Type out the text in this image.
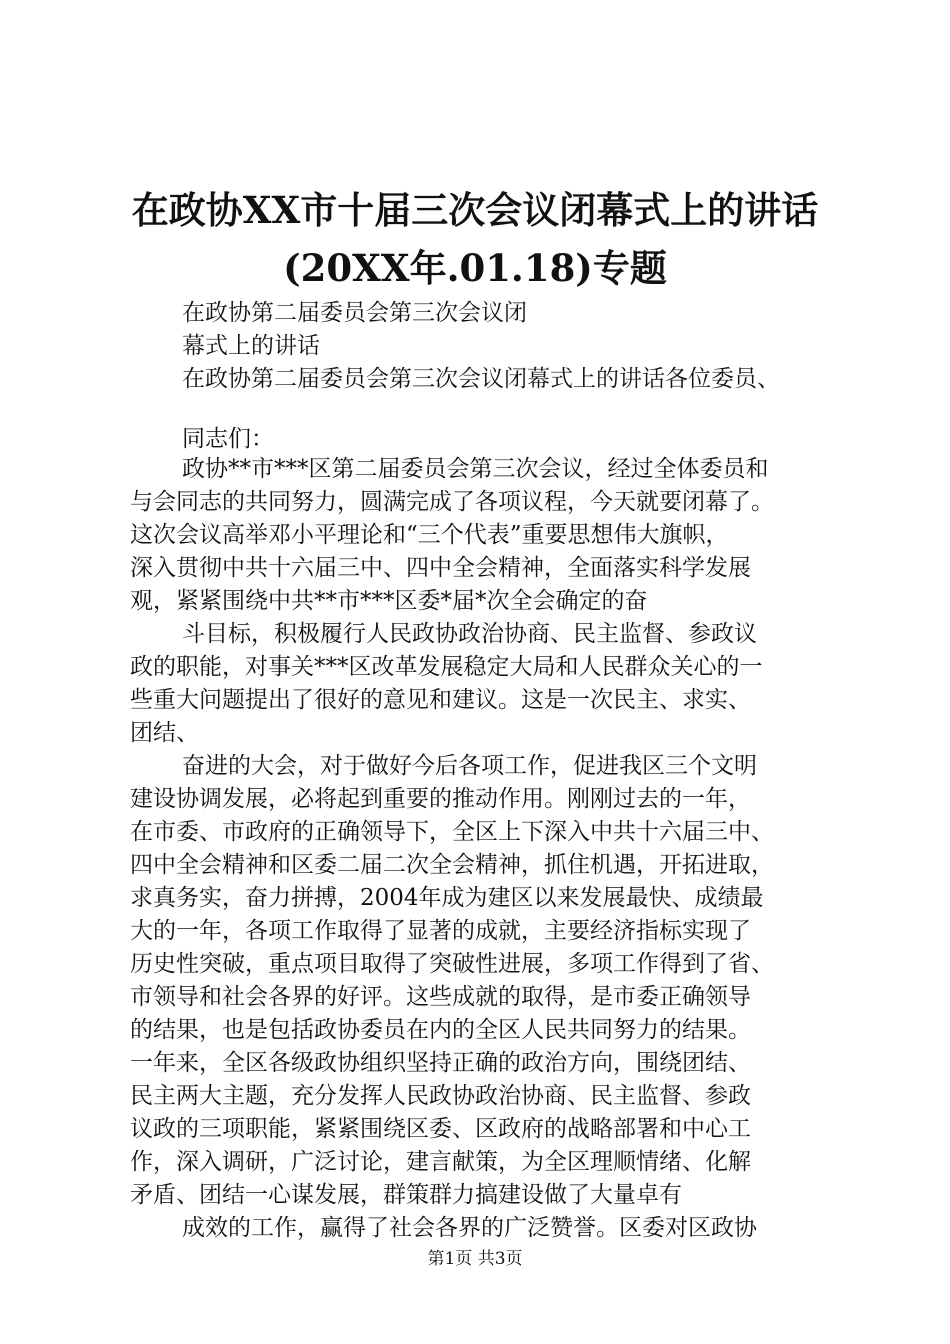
在政协XX市十届三次会议闭幕式上的讲话
(20XX年.01.18)专题
在政协第二届委员会第三次会议闭
幕式上的讲话
在政协第二届委员会第三次会议闭幕式上的讲话各位委员、
同志们：
政协**市***区第二届委员会第三次会议，经过全体委员和
与会同志的共同努力，圆满完成了各项议程，今天就要闭幕了。
这次会议高举邓小平理论和“三个代表”重要思想伟大旗帜，
深入贯彻中共十六届三中、四中全会精神，全面落实科学发展
观，紧紧围绕中共**市***区委*届*次全会确定的奋
斗目标，积极履行人民政协政治协商、民主监督、参政议
政的职能，对事关***区改革发展稳定大局和人民群众关心的一
些重大问题提出了很好的意见和建议。这是一次民主、求实、
团结、
奋进的大会，对于做好今后各项工作，促进我区三个文明
建设协调发展，必将起到重要的推动作用。刚刚过去的一年，
在市委、市政府的正确领导下，全区上下深入中共十六届三中、
四中全会精神和区委二届二次全会精神，抓住机遇，开拓进取，
求真务实，奋力拼搏，2004年成为建区以来发展最快、成绩最
大的一年，各项工作取得了显著的成就，主要经济指标实现了
历史性突破，重点项目取得了突破性进展，多项工作得到了省、
市领导和社会各界的好评。这些成就的取得，是市委正确领导
的结果，也是包括政协委员在内的全区人民共同努力的结果。
一年来，全区各级政协组织坚持正确的政治方向，围绕团结、
民主两大主题，充分发挥人民政协政治协商、民主监督、参政
议政的三项职能，紧紧围绕区委、区政府的战略部署和中心工
作，深入调研，广泛讨论，建言献策，为全区理顺情绪、化解
矛盾、团结一心谋发展，群策群力搞建设做了大量卓有
成效的工作，赢得了社会各界的广泛赞誉。区委对区政协
第1页 共3页
